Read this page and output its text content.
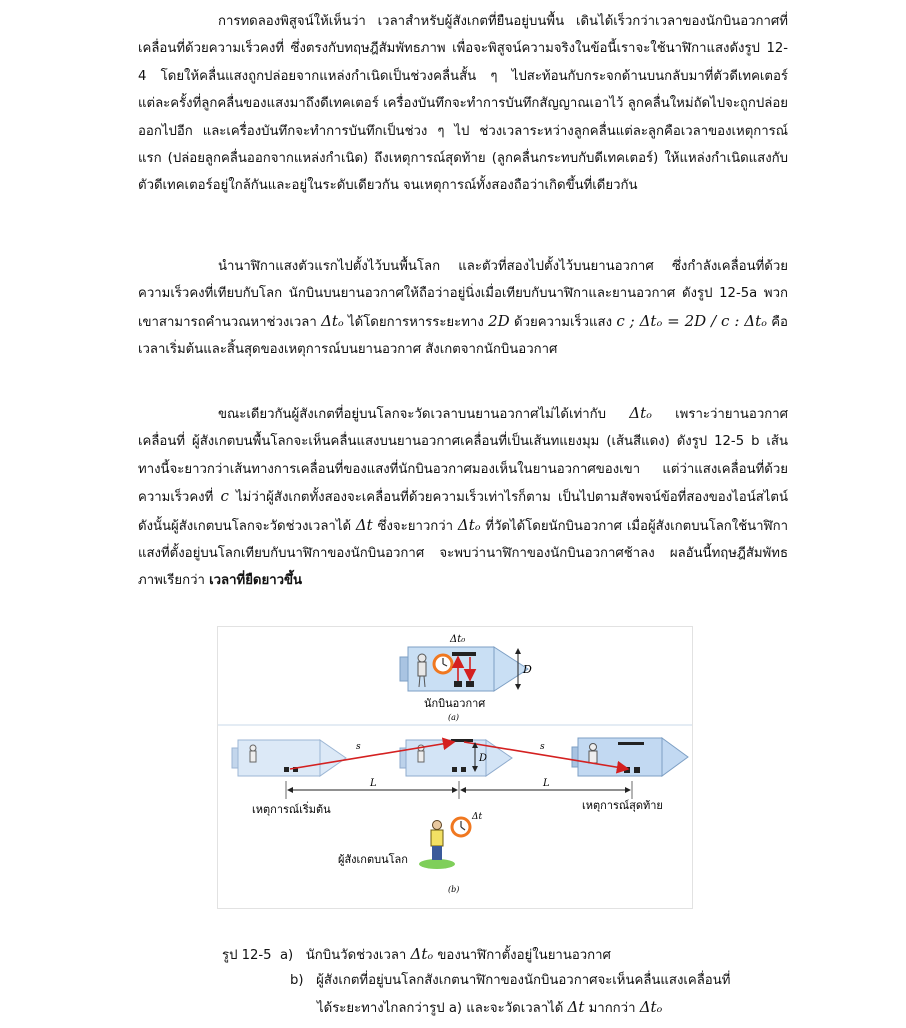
การทดลองพิสูจน์ให้เห็นว่า เวลาสำหรับผู้สังเกตที่ยืนอยู่บนพื้น เดินได้เร็วกว่าเวลาของนักบินอวกาศที่เคลื่อนที่ด้วยความเร็วคงที่ ซึ่งตรงกับทฤษฎีสัมพัทธภาพ เพื่อจะพิสูจน์ความจริงในข้อนี้เราจะใช้นาฬิกาแสงดังรูป 12-4 โดยให้คลื่นแสงถูกปล่อยจากแหล่งกำเนิดเป็นช่วงคลื่นสั้น ๆ ไปสะท้อนกับกระจกด้านบนกลับมาที่ตัวดีเทคเตอร์ แต่ละครั้งที่ลูกคลื่นของแสงมาถึงดีเทคเตอร์ เครื่องบันทึกจะทำการบันทึกสัญญาณเอาไว้ ลูกคลื่นใหม่ถัดไปจะถูกปล่อยออกไปอีก และเครื่องบันทึกจะทำการบันทึกเป็นช่วง ๆ ไป ช่วงเวลาระหว่างลูกคลื่นแต่ละลูกคือเวลาของเหตุการณ์แรก (ปล่อยลูกคลื่นออกจากแหล่งกำเนิด) ถึงเหตุการณ์สุดท้าย (ลูกคลื่นกระทบกับดีเทคเตอร์) ให้แหล่งกำเนิดแสงกับตัวดีเทคเตอร์อยู่ใกล้กันและอยู่ในระดับเดียวกัน จนเหตุการณ์ทั้งสองถือว่าเกิดขึ้นที่เดียวกัน

นำนาฬิกาแสงตัวแรกไปตั้งไว้บนพื้นโลก และตัวที่สองไปตั้งไว้บนยานอวกาศ ซึ่งกำลังเคลื่อนที่ด้วยความเร็วคงที่เทียบกับโลก นักบินบนยานอวกาศให้ถือว่าอยู่นิ่งเมื่อเทียบกับนาฬิกาและยานอวกาศ ดังรูป 12-5a พวกเขาสามารถคำนวณหาช่วงเวลา Δtₒ ได้โดยการหารระยะทาง 2D ด้วยความเร็วแสง c ; Δtₒ = 2D / c : Δtₒ คือเวลาเริ่มต้นและสิ้นสุดของเหตุการณ์บนยานอวกาศ สังเกตจากนักบินอวกาศ

ขณะเดียวกันผู้สังเกตที่อยู่บนโลกจะวัดเวลาบนยานอวกาศไม่ได้เท่ากับ Δtₒ เพราะว่ายานอวกาศเคลื่อนที่ ผู้สังเกตบนพื้นโลกจะเห็นคลื่นแสงบนยานอวกาศเคลื่อนที่เป็นเส้นทแยงมุม (เส้นสีแดง) ดังรูป 12-5 b เส้นทางนี้จะยาวกว่าเส้นทางการเคลื่อนที่ของแสงที่นักบินอวกาศมองเห็นในยานอวกาศของเขา แต่ว่าแสงเคลื่อนที่ด้วยความเร็วคงที่ c ไม่ว่าผู้สังเกตทั้งสองจะเคลื่อนที่ด้วยความเร็วเท่าไรก็ตาม เป็นไปตามสัจพจน์ข้อที่สองของไอน์สไตน์ ดังนั้นผู้สังเกตบนโลกจะวัดช่วงเวลาได้ Δt ซึ่งจะยาวกว่า Δtₒ ที่วัดได้โดยนักบินอวกาศ เมื่อผู้สังเกตบนโลกใช้นาฬิกาแสงที่ตั้งอยู่บนโลกเทียบกับนาฬิกาของนักบินอวกาศ จะพบว่านาฬิกาของนักบินอวกาศช้าลง ผลอันนี้ทฤษฎีสัมพัทธภาพเรียกว่า เวลาที่ยืดยาวขึ้น

Δt₀
D
นักบินอวกาศ
(a)
s	s
D
L	L
เหตุการณ์เริ่มต้น	เหตุการณ์สุดท้าย
Δt
ผู้สังเกตบนโลก
(b)
รูป 12-5 a) นักบินวัดช่วงเวลา Δtₒ ของนาฬิกาตั้งอยู่ในยานอวกาศ
b) ผู้สังเกตที่อยู่บนโลกสังเกตนาฬิกาของนักบินอวกาศจะเห็นคลื่นแสงเคลื่อนที่
ได้ระยะทางไกลกว่ารูป a) และจะวัดเวลาได้ Δt มากกว่า Δtₒ
